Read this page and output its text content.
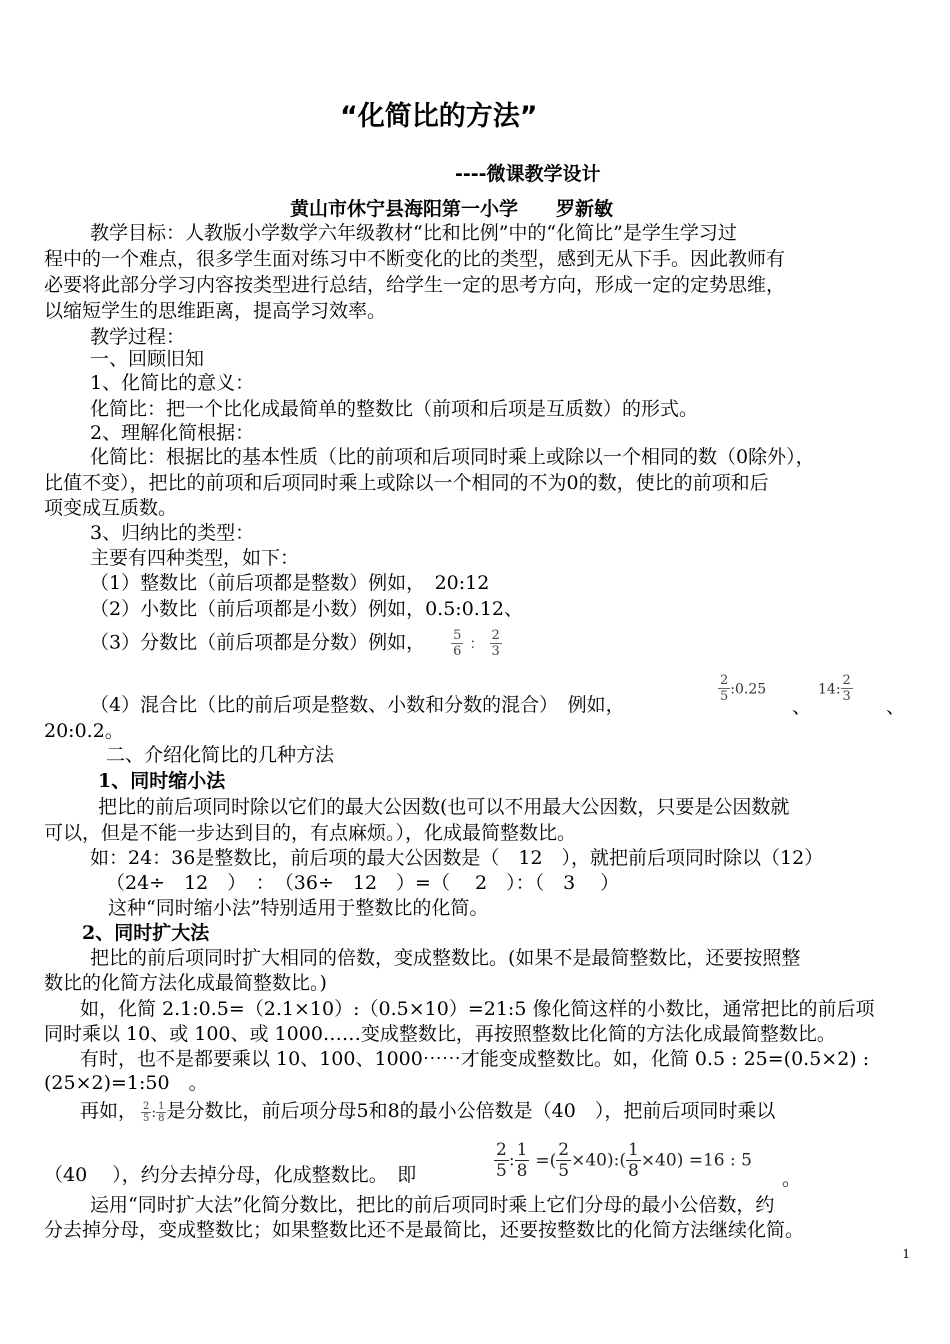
“化简比的方法”
----微课教学设计
黄山市休宁县海阳第一小学　　罗新敏
教学目标：人教版小学数学六年级教材“比和比例”中的“化简比”是学生学习过
程中的一个难点，很多学生面对练习中不断变化的比的类型，感到无从下手。因此教师有
必要将此部分学习内容按类型进行总结，给学生一定的思考方向，形成一定的定势思维，
以缩短学生的思维距离，提高学习效率。
教学过程：
一、回顾旧知
1、化简比的意义：
化简比：把一个比化成最简单的整数比（前项和后项是互质数）的形式。
2、理解化简根据：
化简比：根据比的基本性质（比的前项和后项同时乘上或除以一个相同的数（0除外），
比值不变），把比的前项和后项同时乘上或除以一个相同的不为0的数，使比的前项和后
项变成互质数。
3、归纳比的类型：
主要有四种类型，如下：
（1）整数比（前后项都是整数）例如，　20:12
（2）小数比（前后项都是小数）例如，0.5:0.12、
（3）分数比（前后项都是分数）例如， $\frac{5}{6}$ ： $\frac{2}{3}$
（4）混合比（比的前后项是整数、小数和分数的混合）　例如，
$\frac{2}{5}$ :0.25
、
14: $\frac{2}{3}$
、
20:0.2。
二、介绍化简比的几种方法
1、同时缩小法
把比的前后项同时除以它们的最大公因数(也可以不用最大公因数，只要是公因数就
可以，但是不能一步达到目的，有点麻烦。），化成最简整数比。
如：24：36是整数比，前后项的最大公因数是（　12　），就把前后项同时除以（12）
（24÷　12　）　：　（36÷　12　）=（　 2　）：（　3　 ）
这种“同时缩小法”特别适用于整数比的化简。
2、同时扩大法
把比的前后项同时扩大相同的倍数，变成整数比。(如果不是最简整数比，还要按照整
数比的化简方法化成最简整数比。)
如，化简 2.1:0.5=（2.1×10）:（0.5×10）=21:5 像化简这样的小数比，通常把比的前后项
同时乘以 10、或 100、或 1000……变成整数比，再按照整数比化简的方法化成最简整数比。
有时，也不是都要乘以 10、100、1000⋯⋯才能变成整数比。如，化简 0.5 : 25=(0.5×2) :
(25×2)=1:50　。
再如， $\frac{2}{5}$ : $\frac{1}{8}$ 是分数比，前后项分母5和8的最小公倍数是（40　），把前后项同时乘以
（40　 ），约分去掉分母，化成整数比。　即	$\frac{2}{5}$ : $\frac{1}{8}$ =( $\frac{2}{5}$ ×40):( $\frac{1}{8} \times 40) =16$ : 5
。
运用“同时扩大法”化简分数比，把比的前后项同时乘上它们分母的最小公倍数，约
分去掉分母，变成整数比；如果整数比还不是最简比，还要按整数比的化简方法继续化简。
1
